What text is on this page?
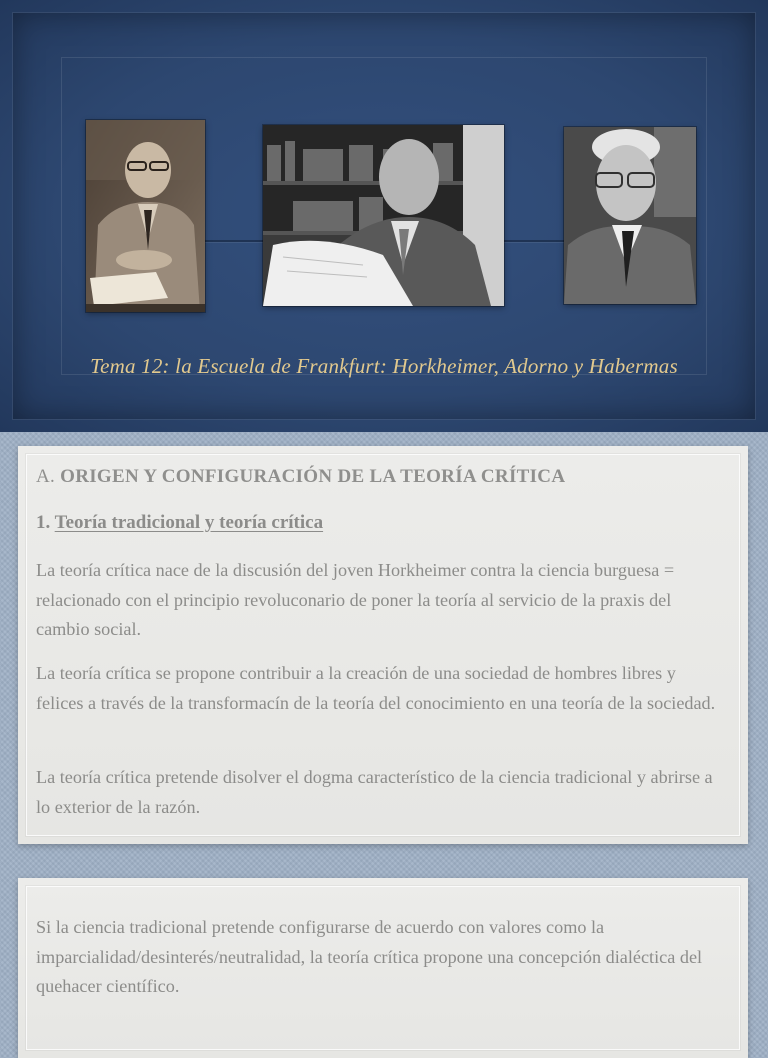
Tema 12: la Escuela de Frankfurt: Horkheimer, Adorno y Habermas
A. ORIGEN Y CONFIGURACIÓN DE LA TEORÍA CRÍTICA
1. Teoría tradicional y teoría crítica

La teoría crítica nace de la discusión del joven Horkheimer contra la ciencia burguesa = relacionado con el principio revoluconario de poner la teoría al servicio de la praxis del cambio social.

La teoría crítica se propone contribuir a la creación de una sociedad de hombres libres y felices a través de la transformacín de la teoría del conocimiento en una teoría de la sociedad.

La teoría crítica pretende disolver el dogma característico de la ciencia tradicional y abrirse a lo exterior de la razón.

Si la ciencia tradicional pretende configurarse de acuerdo con valores como la imparcialidad/desinterés/neutralidad, la teoría crítica propone una concepción dialéctica del quehacer científico.
